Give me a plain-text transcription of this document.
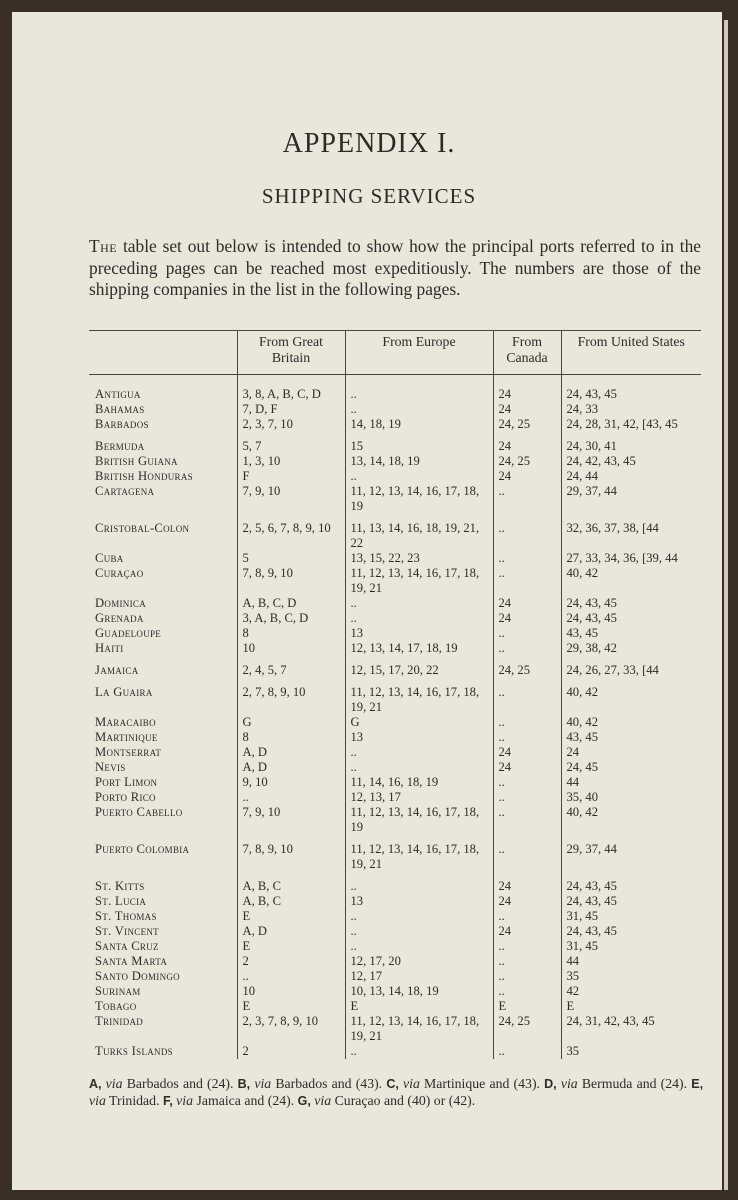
APPENDIX I.
SHIPPING SERVICES

The table set out below is intended to show how the principal ports referred to in the preceding pages can be reached most expeditiously. The numbers are those of the shipping companies in the list in the following pages.

	From Great Britain	From Europe	From Canada	From United States
Antigua	3, 8, A, B, C, D	..	24	24, 43, 45
Bahamas	7, D, F	..	24	24, 33
Barbados	2, 3, 7, 10	14, 18, 19	24, 25	24, 28, 31, 42, [43, 45
Bermuda	5, 7	15	24	24, 30, 41
British Guiana	1, 3, 10	13, 14, 18, 19	24, 25	24, 42, 43, 45
British Honduras	F	..	24	24, 44
Cartagena	7, 9, 10	11, 12, 13, 14, 16, 17, 18, 19	..	29, 37, 44
Cristobal-Colon	2, 5, 6, 7, 8, 9, 10	11, 13, 14, 16, 18, 19, 21, 22	..	32, 36, 37, 38, [44
Cuba	5	13, 15, 22, 23	..	27, 33, 34, 36, [39, 44
Curaçao	7, 8, 9, 10	11, 12, 13, 14, 16, 17, 18, 19, 21	..	40, 42
Dominica	A, B, C, D	..	24	24, 43, 45
Grenada	3, A, B, C, D	..	24	24, 43, 45
Guadeloupe	8	13	..	43, 45
Haiti	10	12, 13, 14, 17, 18, 19	..	29, 38, 42
Jamaica	2, 4, 5, 7	12, 15, 17, 20, 22	24, 25	24, 26, 27, 33, [44
La Guaira	2, 7, 8, 9, 10	11, 12, 13, 14, 16, 17, 18, 19, 21	..	40, 42
Maracaibo	G	G	..	40, 42
Martinique	8	13	..	43, 45
Montserrat	A, D	..	24	24
Nevis	A, D	..	24	24, 45
Port Limon	9, 10	11, 14, 16, 18, 19	..	44
Porto Rico	..	12, 13, 17	..	35, 40
Puerto Cabello	7, 9, 10	11, 12, 13, 14, 16, 17, 18, 19	..	40, 42
Puerto Colombia	7, 8, 9, 10	11, 12, 13, 14, 16, 17, 18, 19, 21	..	29, 37, 44
St. Kitts	A, B, C	..	24	24, 43, 45
St. Lucia	A, B, C	13	24	24, 43, 45
St. Thomas	E	..	..	31, 45
St. Vincent	A, D	..	24	24, 43, 45
Santa Cruz	E	..	..	31, 45
Santa Marta	2	12, 17, 20	..	44
Santo Domingo	..	12, 17	..	35
Surinam	10	10, 13, 14, 18, 19	..	42
Tobago	E	E	E	E
Trinidad	2, 3, 7, 8, 9, 10	11, 12, 13, 14, 16, 17, 18, 19, 21	24, 25	24, 31, 42, 43, 45
Turks Islands	2	..	..	35

A, via Barbados and (24). B, via Barbados and (43). C, via Martinique and (43). D, via Bermuda and (24). E, via Trinidad. F, via Jamaica and (24). G, via Curaçao and (40) or (42).
